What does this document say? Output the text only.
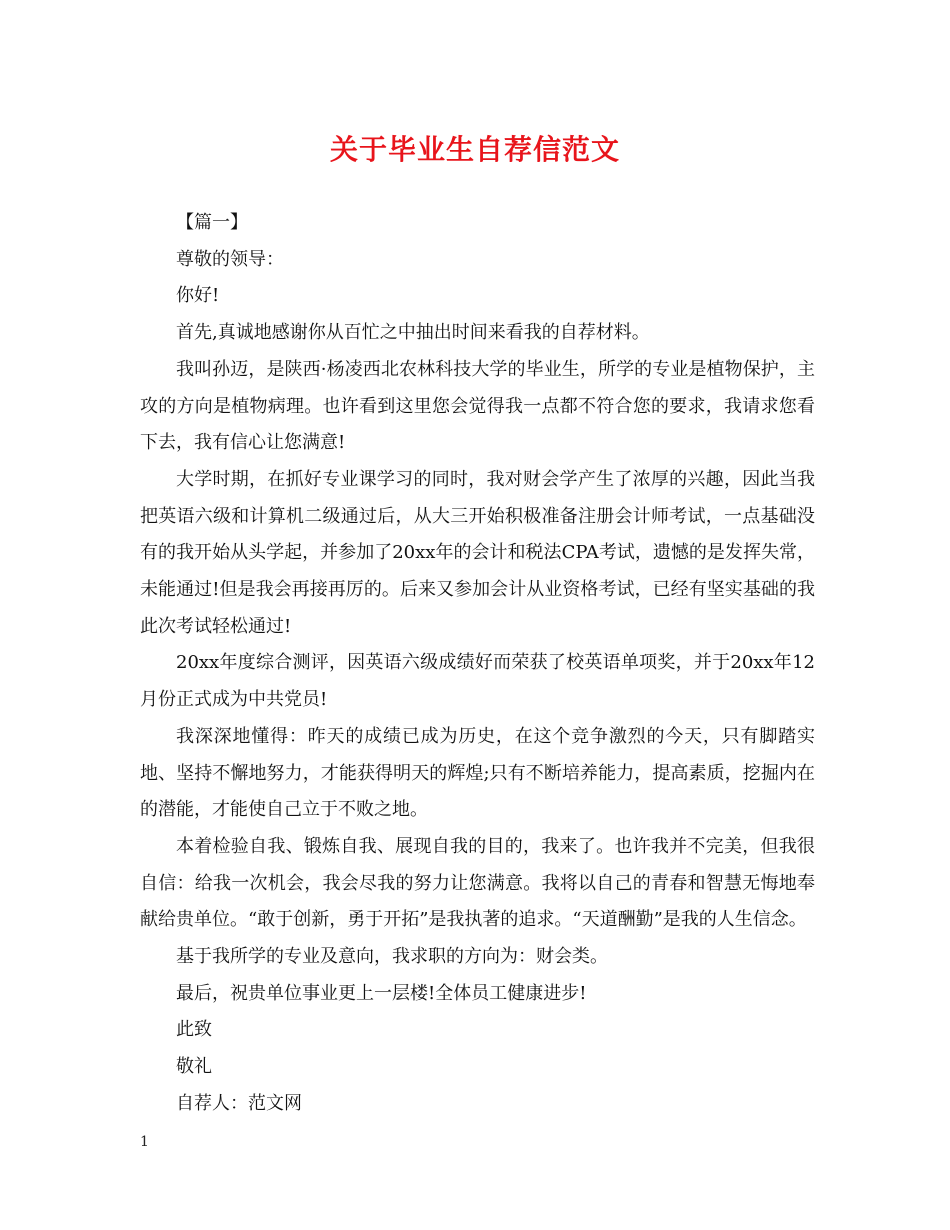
关于毕业生自荐信范文

【篇一】

尊敬的领导：

你好!

首先,真诚地感谢你从百忙之中抽出时间来看我的自荐材料。

我叫孙迈，是陕西·杨凌西北农林科技大学的毕业生，所学的专业是植物保护，主攻的方向是植物病理。也许看到这里您会觉得我一点都不符合您的要求，我请求您看下去，我有信心让您满意!

大学时期，在抓好专业课学习的同时，我对财会学产生了浓厚的兴趣，因此当我把英语六级和计算机二级通过后，从大三开始积极准备注册会计师考试，一点基础没有的我开始从头学起，并参加了20xx年的会计和税法CPA考试，遗憾的是发挥失常，未能通过!但是我会再接再厉的。后来又参加会计从业资格考试，已经有坚实基础的我此次考试轻松通过!

20xx年度综合测评，因英语六级成绩好而荣获了校英语单项奖，并于20xx年12月份正式成为中共党员!

我深深地懂得：昨天的成绩已成为历史，在这个竞争激烈的今天，只有脚踏实地、坚持不懈地努力，才能获得明天的辉煌;只有不断培养能力，提高素质，挖掘内在的潜能，才能使自己立于不败之地。

本着检验自我、锻炼自我、展现自我的目的，我来了。也许我并不完美，但我很自信：给我一次机会，我会尽我的努力让您满意。我将以自己的青春和智慧无悔地奉献给贵单位。“敢于创新，勇于开拓”是我执著的追求。“天道酬勤”是我的人生信念。

基于我所学的专业及意向，我求职的方向为：财会类。

最后，祝贵单位事业更上一层楼!全体员工健康进步!

此致

敬礼

自荐人：范文网

1
